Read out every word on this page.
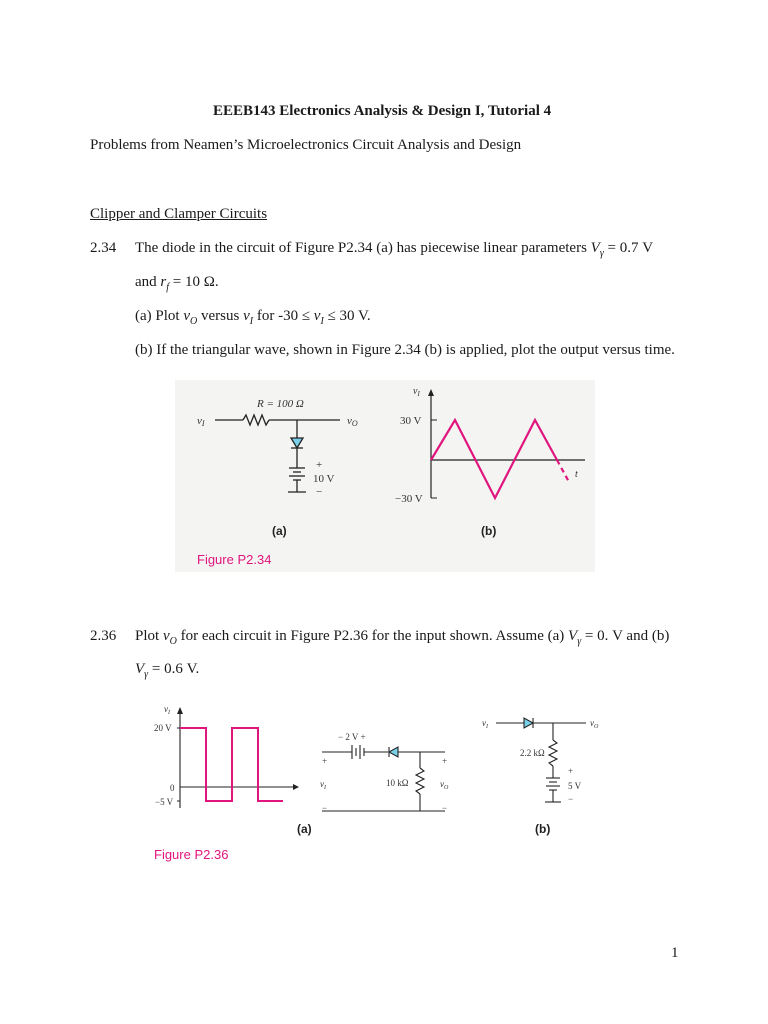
EEEB143 Electronics Analysis & Design I, Tutorial 4
Problems from Neamen’s Microelectronics Circuit Analysis and Design
Clipper and Clamper Circuits
2.34 The diode in the circuit of Figure P2.34 (a) has piecewise linear parameters $V_\gamma = 0.7$ V
and $r_f = 10$ Ω.
(a) Plot $v_O$ versus $v_I$ for $-30 \le v_I \le 30$ V.
(b) If the triangular wave, shown in Figure 2.34 (b) is applied, plot the output versus time.
R = 100 Ω
vI	vO
+
10 V
−
(a)
$v_I$
30 V
−30 V
t
(b)
Figure P2.34
2.36 Plot $v_O$ for each circuit in Figure P2.36 for the input shown. Assume (a) $V_\gamma = 0$. V and (b)
$V_\gamma = 0.6$ V.
$v_I$
20 V
0
−5 V
− 2 V +
+	+
$v_I$	10 kΩ	$v_O$
−	−
(a)
$v_I$	$v_O$
2.2 kΩ
+
5 V
−
(b)
Figure P2.36
1
